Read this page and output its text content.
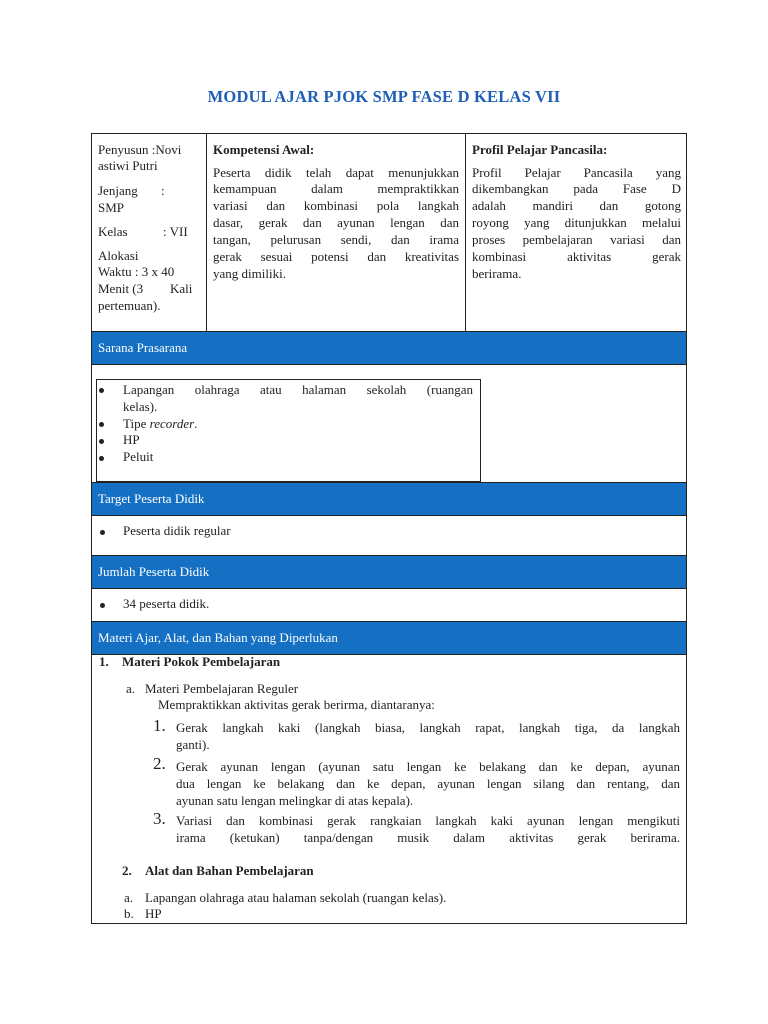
MODUL AJAR PJOK SMP FASE D KELAS VII
Penyusun :Novi
astiwi Putri
Jenjang :
SMP
Kelas	: VII
Alokasi
Waktu : 3 x 40
Menit (3 Kali
pertemuan).
Kompetensi Awal:
Peserta didik telah dapat menunjukkan
kemampuan dalam mempraktikkan
variasi dan kombinasi pola langkah
dasar, gerak dan ayunan lengan dan
tangan, pelurusan sendi, dan irama
gerak sesuai potensi dan kreativitas
yang dimiliki.
Profil Pelajar Pancasila:
Profil Pelajar Pancasila yang
dikembangkan pada Fase D
adalah mandiri dan gotong
royong yang ditunjukkan melalui
proses pembelajaran variasi dan
kombinasi aktivitas gerak
berirama.
Sarana Prasarana
Lapangan olahraga atau halaman sekolah (ruangan
kelas).
Tipe recorder.
HP
Peluit
Target Peserta Didik
Peserta didik regular
Jumlah Peserta Didik
34 peserta didik.
Materi Ajar, Alat, dan Bahan yang Diperlukan
1. Materi Pokok Pembelajaran
a. Materi Pembelajaran Reguler
Mempraktikkan aktivitas gerak berirma, diantaranya:
1. Gerak langkah kaki (langkah biasa, langkah rapat, langkah tiga, da langkah
ganti).
2. Gerak ayunan lengan (ayunan satu lengan ke belakang dan ke depan, ayunan
dua lengan ke belakang dan ke depan, ayunan lengan silang dan rentang, dan
ayunan satu lengan melingkar di atas kepala).
3. Variasi dan kombinasi gerak rangkaian langkah kaki ayunan lengan mengikuti
irama (ketukan) tanpa/dengan musik dalam aktivitas gerak berirama.
2. Alat dan Bahan Pembelajaran
a. Lapangan olahraga atau halaman sekolah (ruangan kelas).
b. HP
